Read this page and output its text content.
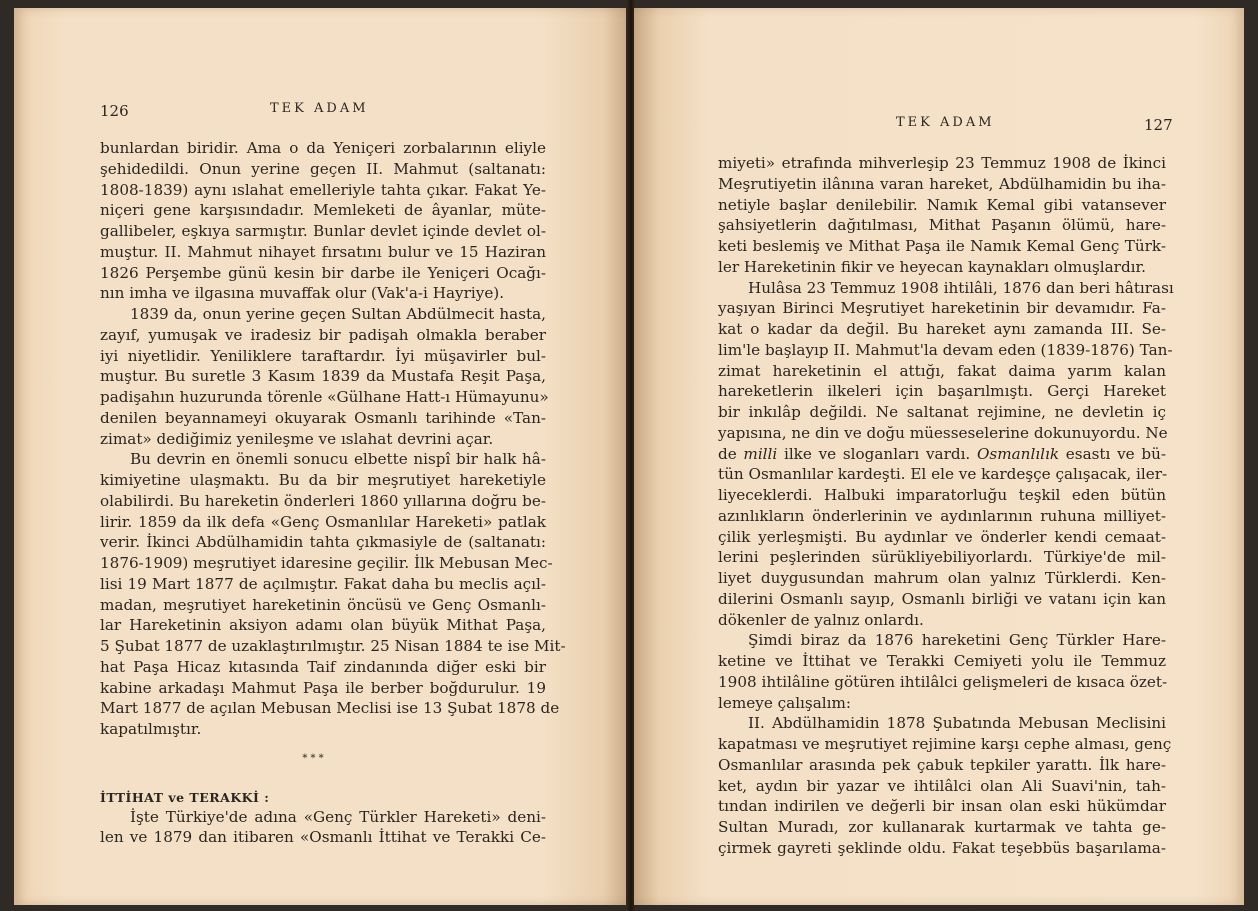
126	TEK ADAM
bunlardan biridir. Ama o da Yeniçeri zorbalarının eliyle
şehidedildi. Onun yerine geçen II. Mahmut (saltanatı:
1808-1839) aynı ıslahat emelleriyle tahta çıkar. Fakat Ye-
niçeri gene karşısındadır. Memleketi de âyanlar, müte-
gallibeler, eşkıya sarmıştır. Bunlar devlet içinde devlet ol-
muştur. II. Mahmut nihayet fırsatını bulur ve 15 Haziran
1826 Perşembe günü kesin bir darbe ile Yeniçeri Ocağı-
nın imha ve ilgasına muvaffak olur (Vak'a-i Hayriye).
1839 da, onun yerine geçen Sultan Abdülmecit hasta,
zayıf, yumuşak ve iradesiz bir padişah olmakla beraber
iyi niyetlidir. Yeniliklere taraftardır. İyi müşavirler bul-
muştur. Bu suretle 3 Kasım 1839 da Mustafa Reşit Paşa,
padişahın huzurunda törenle «Gülhane Hatt-ı Hümayunu»
denilen beyannameyi okuyarak Osmanlı tarihinde «Tan-
zimat» dediğimiz yenileşme ve ıslahat devrini açar.
Bu devrin en önemli sonucu elbette nispî bir halk hâ-
kimiyetine ulaşmaktı. Bu da bir meşrutiyet hareketiyle
olabilirdi. Bu hareketin önderleri 1860 yıllarına doğru be-
lirir. 1859 da ilk defa «Genç Osmanlılar Hareketi» patlak
verir. İkinci Abdülhamidin tahta çıkmasiyle de (saltanatı:
1876-1909) meşrutiyet idaresine geçilir. İlk Mebusan Mec-
lisi 19 Mart 1877 de açılmıştır. Fakat daha bu meclis açıl-
madan, meşrutiyet hareketinin öncüsü ve Genç Osmanlı-
lar Hareketinin aksiyon adamı olan büyük Mithat Paşa,
5 Şubat 1877 de uzaklaştırılmıştır. 25 Nisan 1884 te ise Mit-
hat Paşa Hicaz kıtasında Taif zindanında diğer eski bir
kabine arkadaşı Mahmut Paşa ile berber boğdurulur. 19
Mart 1877 de açılan Mebusan Meclisi ise 13 Şubat 1878 de
kapatılmıştır.
* * *
İTTİHAT ve TERAKKİ :
İşte Türkiye'de adına «Genç Türkler Hareketi» deni-
len ve 1879 dan itibaren «Osmanlı İttihat ve Terakki Ce-
TEK ADAM	127
miyeti» etrafında mihverleşip 23 Temmuz 1908 de İkinci
Meşrutiyetin ilânına varan hareket, Abdülhamidin bu iha-
netiyle başlar denilebilir. Namık Kemal gibi vatansever
şahsiyetlerin dağıtılması, Mithat Paşanın ölümü, hare-
keti beslemiş ve Mithat Paşa ile Namık Kemal Genç Türk-
ler Hareketinin fikir ve heyecan kaynakları olmuşlardır.
Hulâsa 23 Temmuz 1908 ihtilâli, 1876 dan beri hâtırası
yaşıyan Birinci Meşrutiyet hareketinin bir devamıdır. Fa-
kat o kadar da değil. Bu hareket aynı zamanda III. Se-
lim'le başlayıp II. Mahmut'la devam eden (1839-1876) Tan-
zimat hareketinin el attığı, fakat daima yarım kalan
hareketlerin ilkeleri için başarılmıştı. Gerçi Hareket
bir inkılâp değildi. Ne saltanat rejimine, ne devletin iç
yapısına, ne din ve doğu müesseselerine dokunuyordu. Ne
de milli ilke ve sloganları vardı. Osmanlılık esastı ve bü-
tün Osmanlılar kardeşti. El ele ve kardeşçe çalışacak, iler-
liyeceklerdi. Halbuki imparatorluğu teşkil eden bütün
azınlıkların önderlerinin ve aydınlarının ruhuna milliyet-
çilik yerleşmişti. Bu aydınlar ve önderler kendi cemaat-
lerini peşlerinden sürükliyebiliyorlardı. Türkiye'de mil-
liyet duygusundan mahrum olan yalnız Türklerdi. Ken-
dilerini Osmanlı sayıp, Osmanlı birliği ve vatanı için kan
dökenler de yalnız onlardı.
Şimdi biraz da 1876 hareketini Genç Türkler Hare-
ketine ve İttihat ve Terakki Cemiyeti yolu ile Temmuz
1908 ihtilâline götüren ihtilâlci gelişmeleri de kısaca özet-
lemeye çalışalım:
II. Abdülhamidin 1878 Şubatında Mebusan Meclisini
kapatması ve meşrutiyet rejimine karşı cephe alması, genç
Osmanlılar arasında pek çabuk tepkiler yarattı. İlk hare-
ket, aydın bir yazar ve ihtilâlci olan Ali Suavi'nin, tah-
tından indirilen ve değerli bir insan olan eski hükümdar
Sultan Muradı, zor kullanarak kurtarmak ve tahta ge-
çirmek gayreti şeklinde oldu. Fakat teşebbüs başarılama-
